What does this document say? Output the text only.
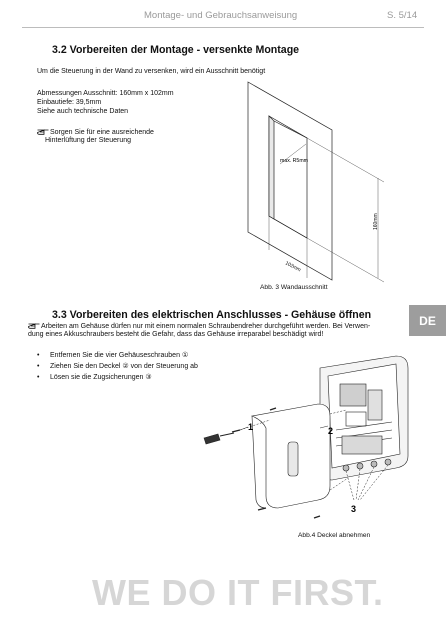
Montage- und Gebrauchsanweisung	S. 5/14
3.2 Vorbereiten der Montage - versenkte Montage
Um die Steuerung in der Wand zu versenken, wird ein Ausschnitt benötigt
Abmessungen Ausschnitt: 160mm x 102mm
Einbautiefe: 39,5mm
Siehe auch technische Daten
Sorgen Sie für eine ausreichende
Hinterlüftung der Steuerung
max. R5mm
160mm
102mm
Abb. 3 Wandausschnitt
DE
3.3 Vorbereiten des elektrischen Anschlusses - Gehäuse öffnen
Arbeiten am Gehäuse dürfen nur mit einem normalen Schraubendreher durchgeführt werden. Bei Verwen-
dung eines Akkuschraubers besteht die Gefahr, dass das Gehäuse irreparabel beschädigt wird!
• Entfernen Sie die vier Gehäuseschrauben ①
• Ziehen Sie den Deckel ② von der Steuerung ab
• Lösen sie die Zugsicherungen ③
1	2
3
Abb.4 Deckel abnehmen
WE DO IT FIRST.
